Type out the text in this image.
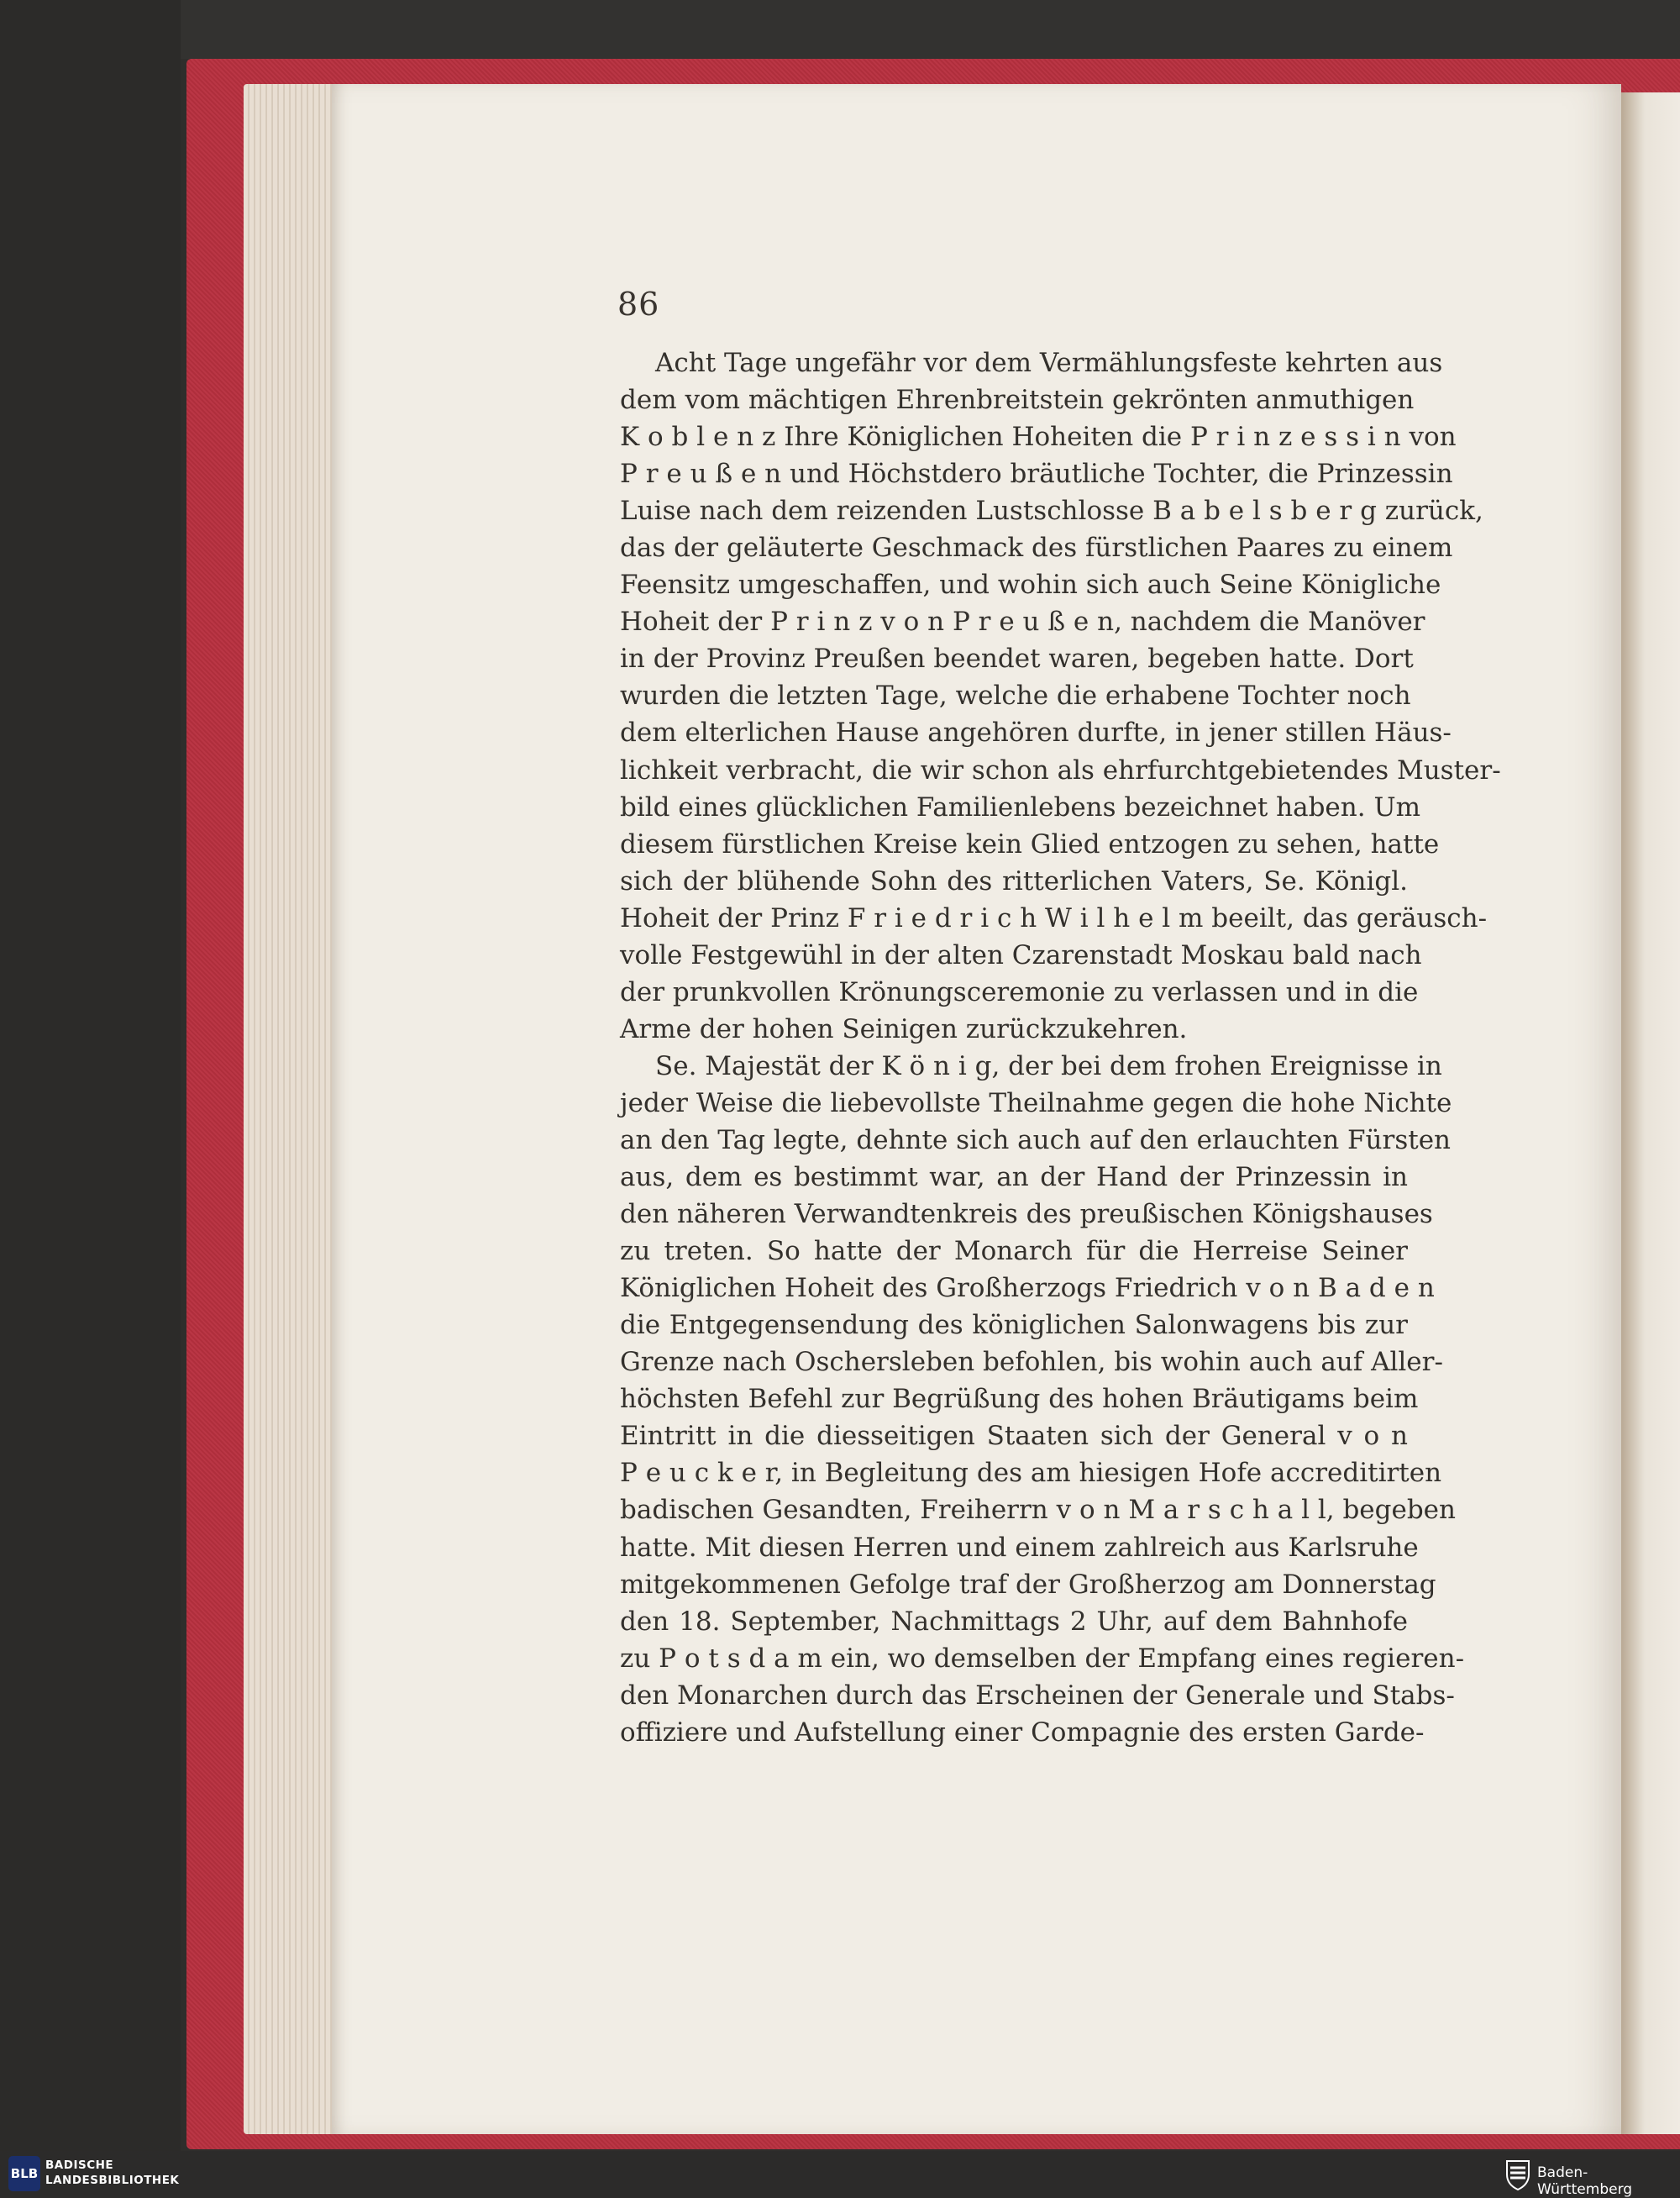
86
Acht Tage ungefähr vor dem Vermählungsfeste kehrten aus
dem vom mächtigen Ehrenbreitstein gekrönten anmuthigen
K o b l e n z Ihre Königlichen Hoheiten die P r i n z e s s i n von
P r e u ß e n und Höchstdero bräutliche Tochter, die Prinzessin
Luise nach dem reizenden Lustschlosse B a b e l s b e r g zurück,
das der geläuterte Geschmack des fürstlichen Paares zu einem
Feensitz umgeschaffen, und wohin sich auch Seine Königliche
Hoheit der P r i n z v o n P r e u ß e n, nachdem die Manöver
in der Provinz Preußen beendet waren, begeben hatte. Dort
wurden die letzten Tage, welche die erhabene Tochter noch
dem elterlichen Hause angehören durfte, in jener stillen Häus-
lichkeit verbracht, die wir schon als ehrfurchtgebietendes Muster-
bild eines glücklichen Familienlebens bezeichnet haben. Um
diesem fürstlichen Kreise kein Glied entzogen zu sehen, hatte
sich der blühende Sohn des ritterlichen Vaters, Se. Königl.
Hoheit der Prinz F r i e d r i c h W i l h e l m beeilt, das geräusch-
volle Festgewühl in der alten Czarenstadt Moskau bald nach
der prunkvollen Krönungsceremonie zu verlassen und in die
Arme der hohen Seinigen zurückzukehren.
Se. Majestät der K ö n i g, der bei dem frohen Ereignisse in
jeder Weise die liebevollste Theilnahme gegen die hohe Nichte
an den Tag legte, dehnte sich auch auf den erlauchten Fürsten
aus, dem es bestimmt war, an der Hand der Prinzessin in
den näheren Verwandtenkreis des preußischen Königshauses
zu treten. So hatte der Monarch für die Herreise Seiner
Königlichen Hoheit des Großherzogs Friedrich v o n B a d e n
die Entgegensendung des königlichen Salonwagens bis zur
Grenze nach Oschersleben befohlen, bis wohin auch auf Aller-
höchsten Befehl zur Begrüßung des hohen Bräutigams beim
Eintritt in die diesseitigen Staaten sich der General v o n
P e u c k e r, in Begleitung des am hiesigen Hofe accreditirten
badischen Gesandten, Freiherrn v o n M a r s c h a l l, begeben
hatte. Mit diesen Herren und einem zahlreich aus Karlsruhe
mitgekommenen Gefolge traf der Großherzog am Donnerstag
den 18. September, Nachmittags 2 Uhr, auf dem Bahnhofe
zu P o t s d a m ein, wo demselben der Empfang eines regieren-
den Monarchen durch das Erscheinen der Generale und Stabs-
offiziere und Aufstellung einer Compagnie des ersten Garde-
BLB
BADISCHE
LANDESBIBLIOTHEK	Baden-Württemberg
